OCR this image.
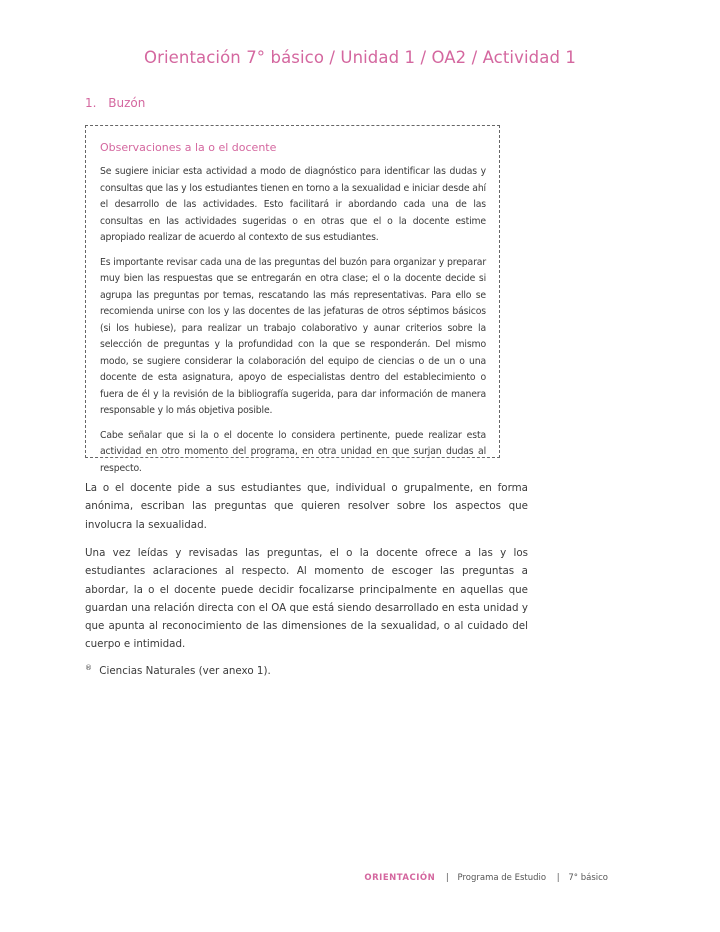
Orientación 7° básico / Unidad 1 / OA2 / Actividad 1
1. Buzón
Observaciones a la o el docente

Se sugiere iniciar esta actividad a modo de diagnóstico para identificar las dudas y consultas que las y los estudiantes tienen en torno a la sexualidad e iniciar desde ahí el desarrollo de las actividades. Esto facilitará ir abordando cada una de las consultas en las actividades sugeridas o en otras que el o la docente estime apropiado realizar de acuerdo al contexto de sus estudiantes.

Es importante revisar cada una de las preguntas del buzón para organizar y preparar muy bien las respuestas que se entregarán en otra clase; el o la docente decide si agrupa las preguntas por temas, rescatando las más representativas. Para ello se recomienda unirse con los y las docentes de las jefaturas de otros séptimos básicos (si los hubiese), para realizar un trabajo colaborativo y aunar criterios sobre la selección de preguntas y la profundidad con la que se responderán. Del mismo modo, se sugiere considerar la colaboración del equipo de ciencias o de un o una docente de esta asignatura, apoyo de especialistas dentro del establecimiento o fuera de él y la revisión de la bibliografía sugerida, para dar información de manera responsable y lo más objetiva posible.

Cabe señalar que si la o el docente lo considera pertinente, puede realizar esta actividad en otro momento del programa, en otra unidad en que surjan dudas al respecto.

La o el docente pide a sus estudiantes que, individual o grupalmente, en forma anónima, escriban las preguntas que quieren resolver sobre los aspectos que involucra la sexualidad.

Una vez leídas y revisadas las preguntas, el o la docente ofrece a las y los estudiantes aclaraciones al respecto. Al momento de escoger las preguntas a abordar, la o el docente puede decidir focalizarse principalmente en aquellas que guardan una relación directa con el OA que está siendo desarrollado en esta unidad y que apunta al reconocimiento de las dimensiones de la sexualidad, o al cuidado del cuerpo e intimidad.

® Ciencias Naturales (ver anexo 1).
ORIENTACIÓN | Programa de Estudio | 7° básico
